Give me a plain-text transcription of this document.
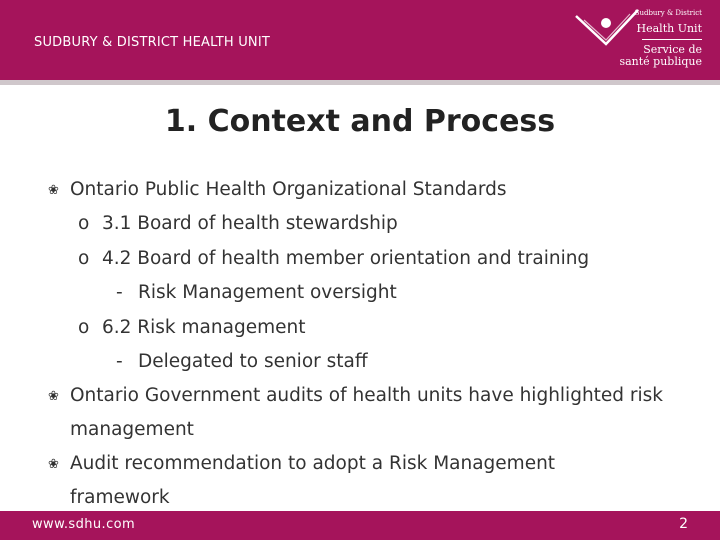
SUDBURY & DISTRICT HEALTH UNIT
Sudbury & District
Health Unit
Service de
santé publique
1. Context and Process
❀ Ontario Public Health Organizational Standards
o 3.1 Board of health stewardship
o 4.2 Board of health member orientation and training
- Risk Management oversight
o 6.2 Risk management
- Delegated to senior staff
❀ Ontario Government audits of health units have highlighted risk
management
❀ Audit recommendation to adopt a Risk Management
framework
www.sdhu.com	2
